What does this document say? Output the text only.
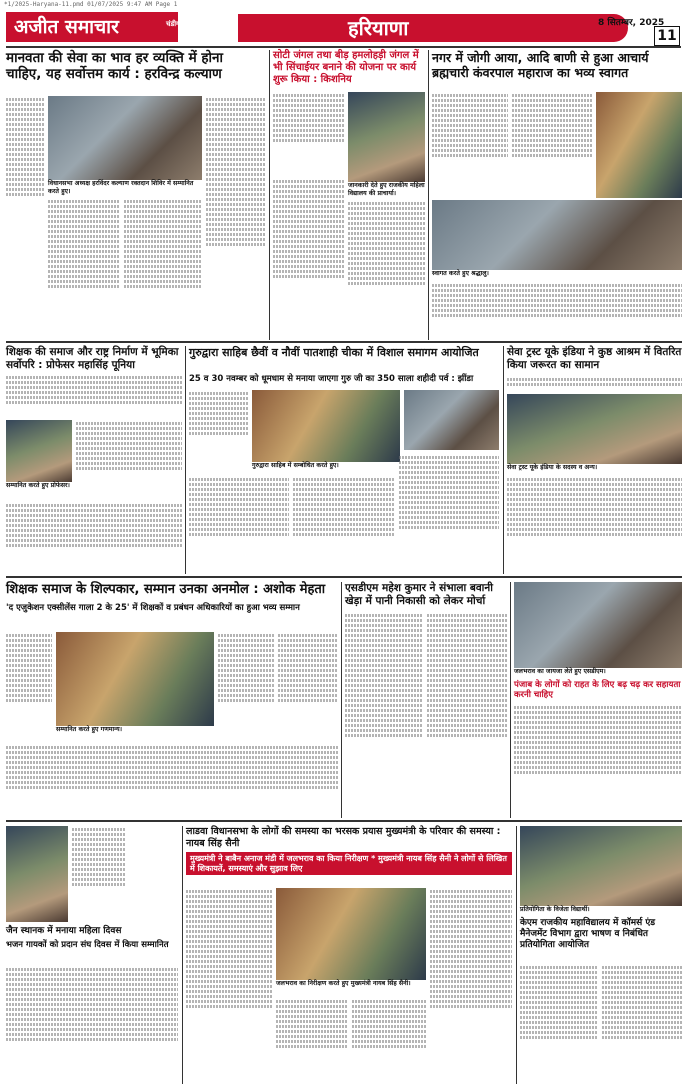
*1/2025-Haryana-11.pmd 01/07/2025 9:47 AM Page 1
अजीत समाचार	चंडीगढ़	हरियाणा	8 सितम्बर, 2025
11
मानवता की सेवा का भाव हर व्यक्ति में होना चाहिए, यह सर्वोत्तम कार्य : हरविन्द्र कल्याण
विधानसभा अध्यक्ष हरविंदर कल्याण रक्तदान शिविर में सम्मानित करते हुए।
सोटी जंगल तथा बीड़ हमलोहड़ी जंगल में भी सिंचाईयर बनाने की योजना पर कार्य शुरू किया : किशनिय
जानकारी देते हुए राजकीय महिला विद्यालय की प्राचार्या।
नगर में जोगी आया, आदि बाणी से हुआ आचार्य ब्रह्मचारी कंवरपाल महाराज का भव्य स्वागत
स्वागत करते हुए श्रद्धालु।
शिक्षक की समाज और राष्ट्र निर्माण में भूमिका सर्वोपरि : प्रोफेसर महासिंह पूनिया
सम्मानित करते हुए प्रोफेसर।
गुरुद्वारा साहिब छैवीं व नौवीं पातशाही चीका में विशाल समागम आयोजित
25 व 30 नवम्बर को धूमधाम से मनाया जाएगा गुरु जी का 350 साला शहीदी पर्व : झींडा
गुरुद्वारा साहिब में सम्बोधित करते हुए।
सेवा ट्रस्ट यूके इंडिया ने कुष्ठ आश्रम में वितरित किया जरूरत का सामान
सेवा ट्रस्ट यूके इंडिया के सदस्य व अन्य।
शिक्षक समाज के शिल्पकार, सम्मान उनका अनमोल : अशोक मेहता
'द एजुकेशन एक्सीलेंस गाला 2 के 25' में शिक्षकों व प्रबंधन अधिकारियों का हुआ भव्य सम्मान
सम्मानित करते हुए गणमान्य।
एसडीएम महेश कुमार ने संभाला बवानी खेड़ा में पानी निकासी को लेकर मोर्चा
जलभराव का जायजा लेते हुए एसडीएम।
पंजाब के लोगों को राहत के लिए बढ़ चढ़ कर सहायता करनी चाहिए
जैन स्थानक में मनाया महिला दिवस
भजन गायकों को प्रदान संघ दिवस में किया सम्मानित
लाडवा विधानसभा के लोगों की समस्या का भरसक प्रयास मुख्यमंत्री के परिवार की समस्या : नायब सिंह सैनी
मुख्यमंत्री ने बाबैन अनाज मंडी में जलभराव का किया निरीक्षण * मुख्यमंत्री नायब सिंह सैनी ने लोगों से लिखित में शिकायतें, समस्याएं और सुझाव लिए
जलभराव का निरीक्षण करते हुए मुख्यमंत्री नायब सिंह सैनी।
प्रतियोगिता के विजेता विद्यार्थी।
केएम राजकीय महाविद्यालय में कॉमर्स एंड मैनेजमेंट विभाग द्वारा भाषण व निबंधित प्रतियोगिता आयोजित
